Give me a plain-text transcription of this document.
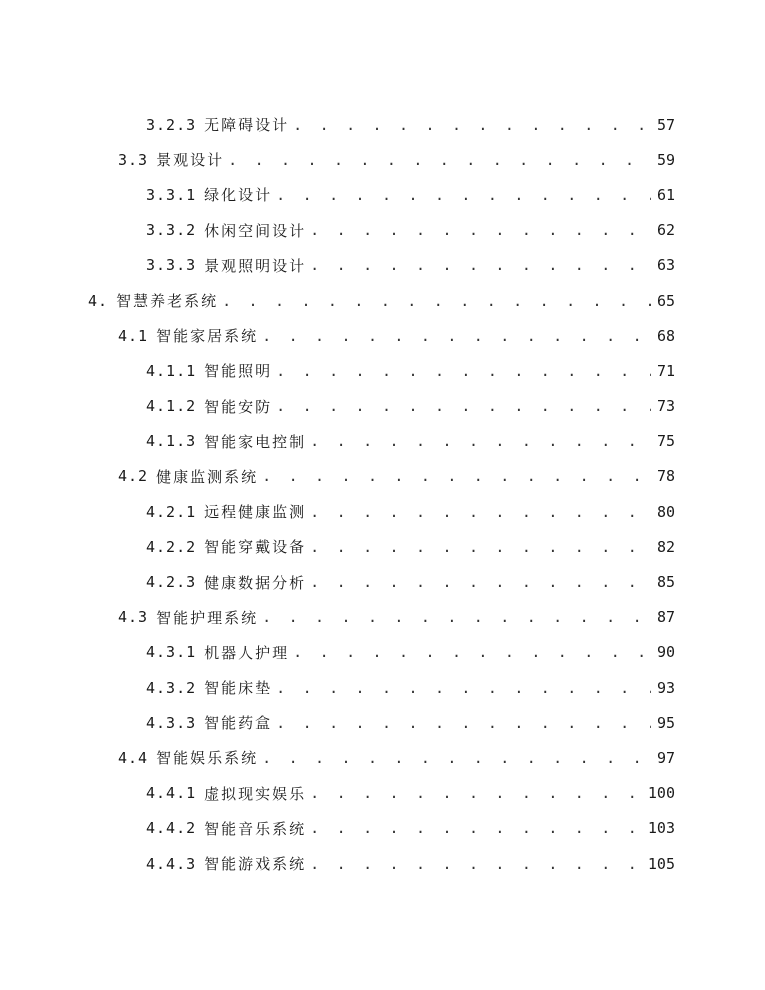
3.2.3 无障碍设计 . . .	57
3.3 景观设计 . . .	59
3.3.1 绿化设计 . . .	61
3.3.2 休闲空间设计 . . .	62
3.3.3 景观照明设计 . . .	63
4. 智慧养老系统 . . .	65
4.1 智能家居系统 . . .	68
4.1.1 智能照明 . . .	71
4.1.2 智能安防 . . .	73
4.1.3 智能家电控制 . . .	75
4.2 健康监测系统 . . .	78
4.2.1 远程健康监测 . . .	80
4.2.2 智能穿戴设备 . . .	82
4.2.3 健康数据分析 . . .	85
4.3 智能护理系统 . . .	87
4.3.1 机器人护理 . . .	90
4.3.2 智能床垫 . . .	93
4.3.3 智能药盒 . . .	95
4.4 智能娱乐系统 . . .	97
4.4.1 虚拟现实娱乐 . . .	100
4.4.2 智能音乐系统 . . .	103
4.4.3 智能游戏系统 . . .	105
